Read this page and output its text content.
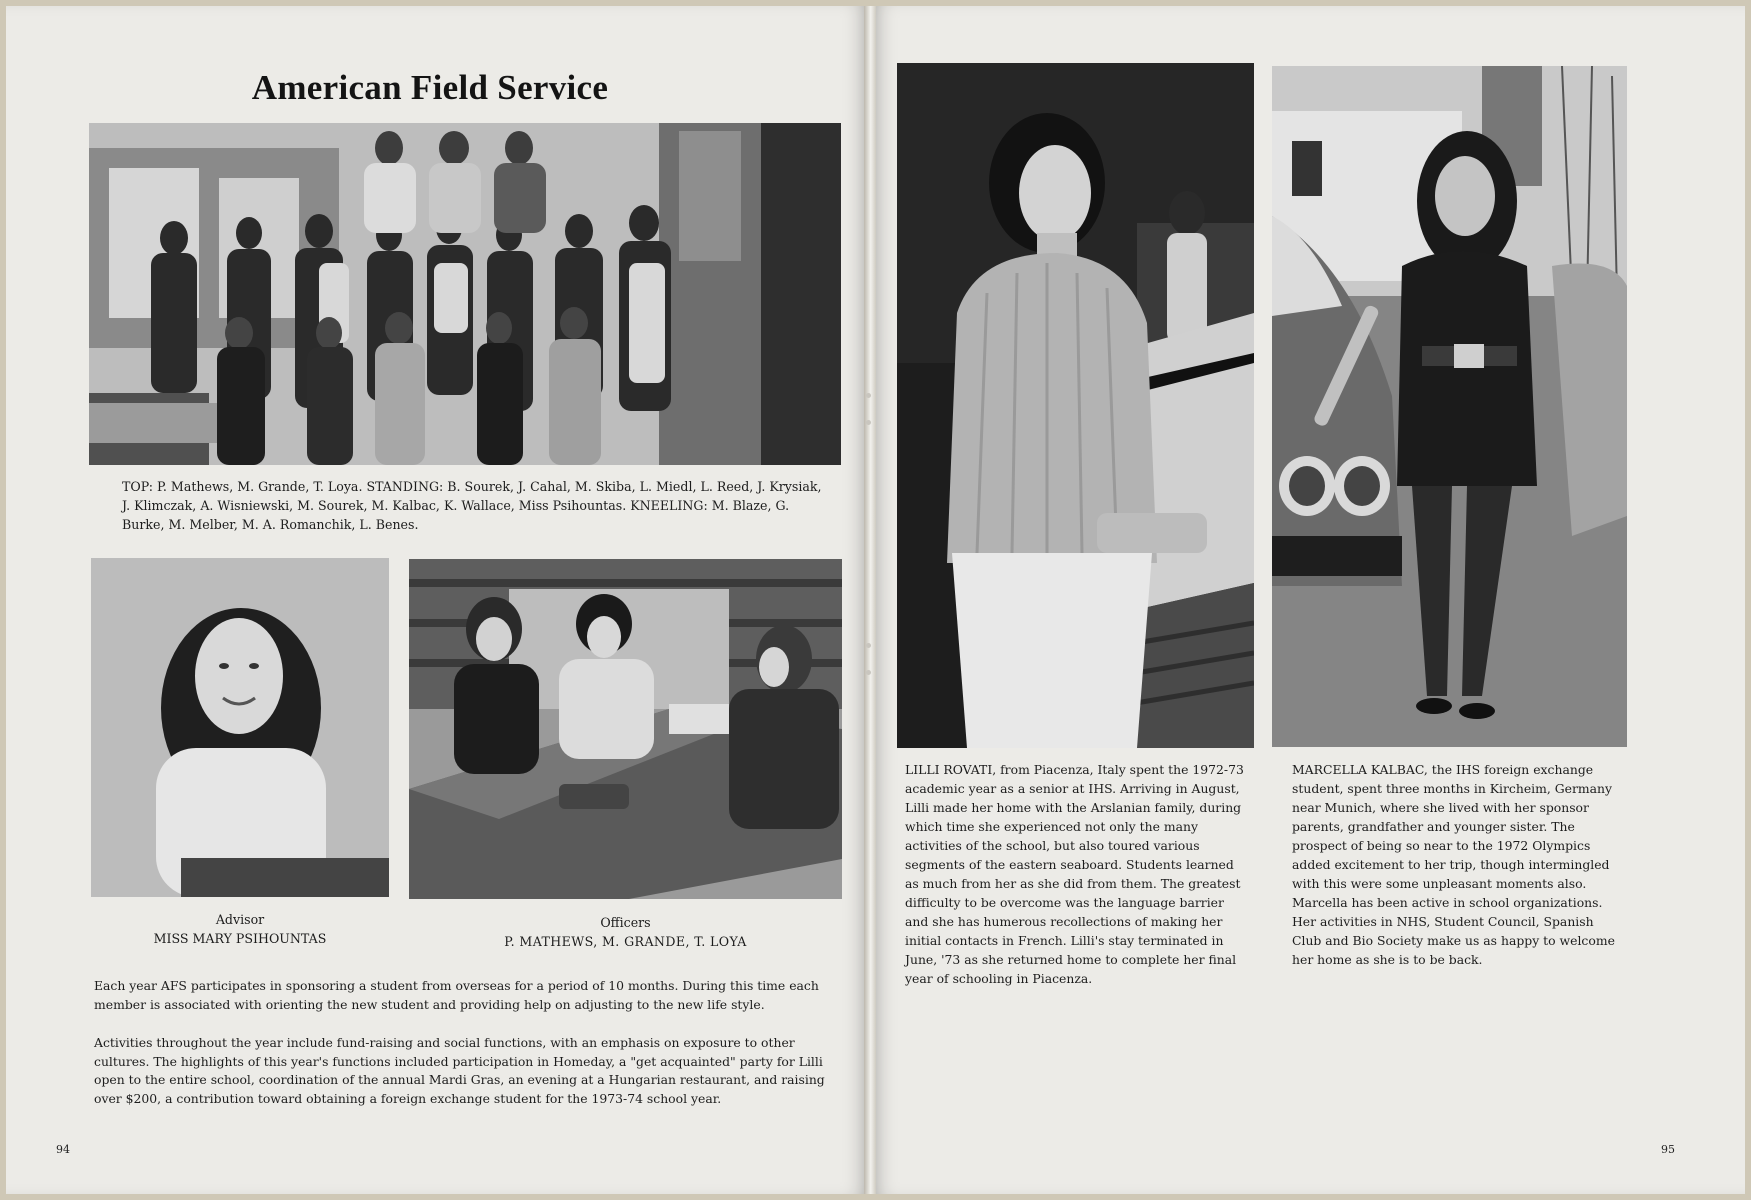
American Field Service
TOP: P. Mathews, M. Grande, T. Loya. STANDING: B. Sourek, J. Cahal, M. Skiba, L. Miedl, L. Reed, J. Krysiak, J. Klimczak, A. Wisniewski, M. Sourek, M. Kalbac, K. Wallace, Miss Psihountas. KNEELING: M. Blaze, G. Burke, M. Melber, M. A. Romanchik, L. Benes.
Advisor
MISS MARY PSIHOUNTAS
Officers
P. MATHEWS, M. GRANDE, T. LOYA
Each year AFS participates in sponsoring a student from overseas for a period of 10 months. During this time each member is associated with orienting the new student and providing help on adjusting to the new life style.
Activities throughout the year include fund-raising and social functions, with an emphasis on exposure to other cultures. The highlights of this year's functions included participation in Homeday, a "get acquainted" party for Lilli open to the entire school, coordination of the annual Mardi Gras, an evening at a Hungarian restaurant, and raising over $200, a contribution toward obtaining a foreign exchange student for the 1973-74 school year.
94
LILLI ROVATI, from Piacenza, Italy spent the 1972-73 academic year as a senior at IHS. Arriving in August, Lilli made her home with the Arslanian family, during which time she experienced not only the many activities of the school, but also toured various segments of the eastern seaboard. Students learned as much from her as she did from them. The greatest difficulty to be overcome was the language barrier and she has humerous recollections of making her initial contacts in French. Lilli's stay terminated in June, '73 as she returned home to complete her final year of schooling in Piacenza.
MARCELLA KALBAC, the IHS foreign exchange student, spent three months in Kircheim, Germany near Munich, where she lived with her sponsor parents, grandfather and younger sister. The prospect of being so near to the 1972 Olympics added excitement to her trip, though intermingled with this were some unpleasant moments also. Marcella has been active in school organizations. Her activities in NHS, Student Council, Spanish Club and Bio Society make us as happy to welcome her home as she is to be back.
95
